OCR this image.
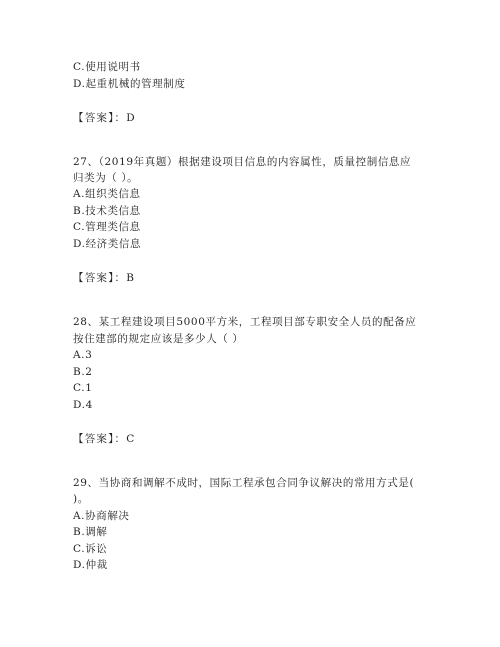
C.使用说明书
D.起重机械的管理制度
【答案】：D
27、（2019年真题）根据建设项目信息的内容属性，质量控制信息应
归类为（ ）。
A.组织类信息
B.技术类信息
C.管理类信息
D.经济类信息
【答案】：B
28、某工程建设项目5000平方米，工程项目部专职安全人员的配备应
按住建部的规定应该是多少人（ ）
A.3
B.2
C.1
D.4
【答案】：C
29、当协商和调解不成时，国际工程承包合同争议解决的常用方式是(
)。
A.协商解决
B.调解
C.诉讼
D.仲裁
